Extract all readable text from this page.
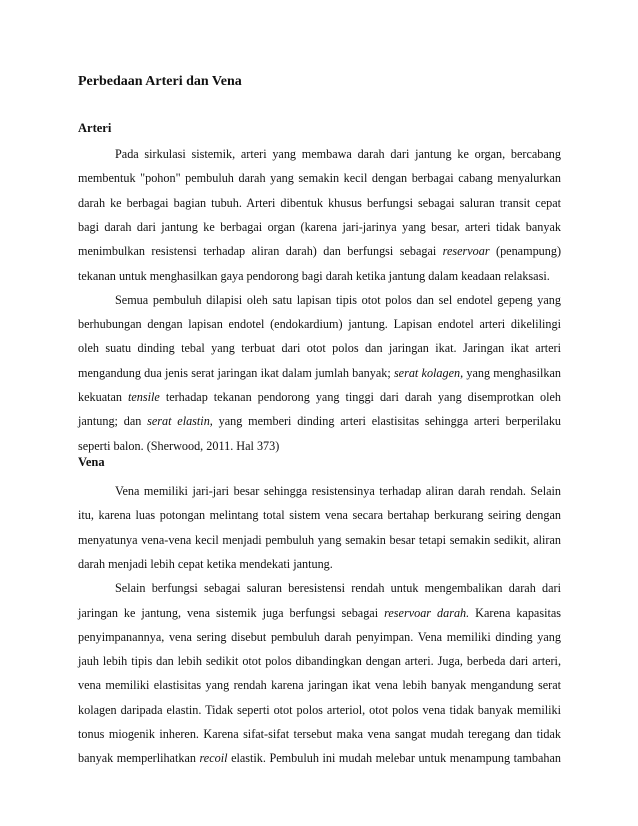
Perbedaan Arteri dan Vena
Arteri
Pada sirkulasi sistemik, arteri yang membawa darah dari jantung ke organ, bercabang
membentuk "pohon" pembuluh darah yang semakin kecil dengan berbagai cabang menyalurkan
darah ke berbagai bagian tubuh. Arteri dibentuk khusus berfungsi sebagai saluran transit cepat
bagi darah dari jantung ke berbagai organ (karena jari-jarinya yang besar, arteri tidak banyak
menimbulkan resistensi terhadap aliran darah) dan berfungsi sebagai reservoar (penampung)
tekanan untuk menghasilkan gaya pendorong bagi darah ketika jantung dalam keadaan relaksasi.
Semua pembuluh dilapisi oleh satu lapisan tipis otot polos dan sel endotel gepeng yang
berhubungan dengan lapisan endotel (endokardium) jantung. Lapisan endotel arteri dikelilingi
oleh suatu dinding tebal yang terbuat dari otot polos dan jaringan ikat. Jaringan ikat arteri
mengandung dua jenis serat jaringan ikat dalam jumlah banyak; serat kolagen, yang menghasilkan
kekuatan tensile terhadap tekanan pendorong yang tinggi dari darah yang disemprotkan oleh
jantung; dan serat elastin, yang memberi dinding arteri elastisitas sehingga arteri berperilaku
seperti balon. (Sherwood, 2011. Hal 373)
Vena
Vena memiliki jari-jari besar sehingga resistensinya terhadap aliran darah rendah. Selain
itu, karena luas potongan melintang total sistem vena secara bertahap berkurang seiring dengan
menyatunya vena-vena kecil menjadi pembuluh yang semakin besar tetapi semakin sedikit, aliran
darah menjadi lebih cepat ketika mendekati jantung.
Selain berfungsi sebagai saluran beresistensi rendah untuk mengembalikan darah dari
jaringan ke jantung, vena sistemik juga berfungsi sebagai reservoar darah. Karena kapasitas
penyimpanannya, vena sering disebut pembuluh darah penyimpan. Vena memiliki dinding yang
jauh lebih tipis dan lebih sedikit otot polos dibandingkan dengan arteri. Juga, berbeda dari arteri,
vena memiliki elastisitas yang rendah karena jaringan ikat vena lebih banyak mengandung serat
kolagen daripada elastin. Tidak seperti otot polos arteriol, otot polos vena tidak banyak memiliki
tonus miogenik inheren. Karena sifat-sifat tersebut maka vena sangat mudah teregang dan tidak
banyak memperlihatkan recoil elastik. Pembuluh ini mudah melebar untuk menampung tambahan
